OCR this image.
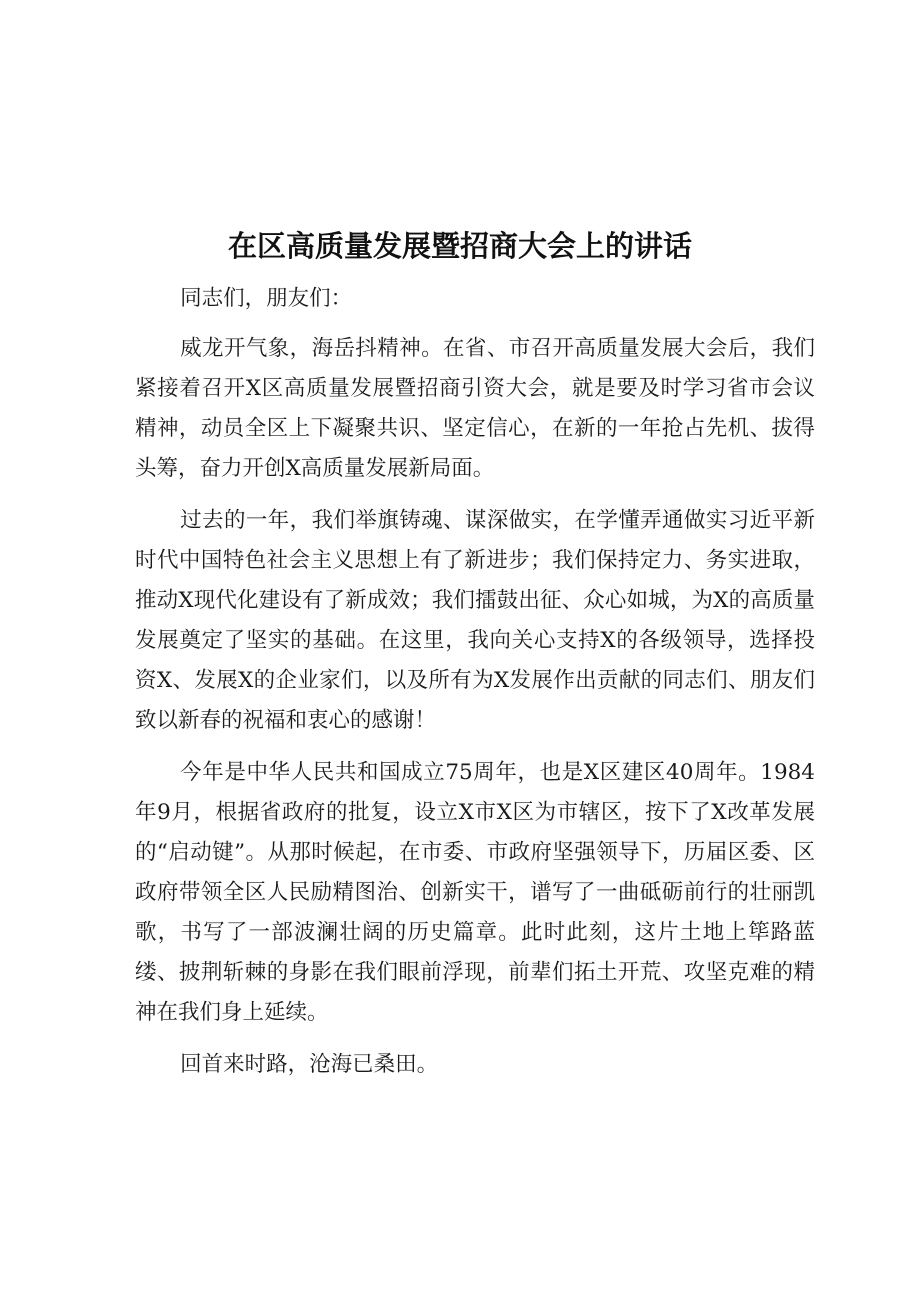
在区高质量发展暨招商大会上的讲话

同志们，朋友们：

威龙开气象，海岳抖精神。在省、市召开高质量发展大会后，我们紧接着召开X区高质量发展暨招商引资大会，就是要及时学习省市会议精神，动员全区上下凝聚共识、坚定信心，在新的一年抢占先机、拔得头筹，奋力开创X高质量发展新局面。

过去的一年，我们举旗铸魂、谋深做实，在学懂弄通做实习近平新时代中国特色社会主义思想上有了新进步；我们保持定力、务实进取，推动X现代化建设有了新成效；我们擂鼓出征、众心如城，为X的高质量发展奠定了坚实的基础。在这里，我向关心支持X的各级领导，选择投资X、发展X的企业家们，以及所有为X发展作出贡献的同志们、朋友们致以新春的祝福和衷心的感谢！

今年是中华人民共和国成立75周年，也是X区建区40周年。1984年9月，根据省政府的批复，设立X市X区为市辖区，按下了X改革发展的“启动键”。从那时候起，在市委、市政府坚强领导下，历届区委、区政府带领全区人民励精图治、创新实干，谱写了一曲砥砺前行的壮丽凯歌，书写了一部波澜壮阔的历史篇章。此时此刻，这片土地上筚路蓝缕、披荆斩棘的身影在我们眼前浮现，前辈们拓土开荒、攻坚克难的精神在我们身上延续。

回首来时路，沧海已桑田。
